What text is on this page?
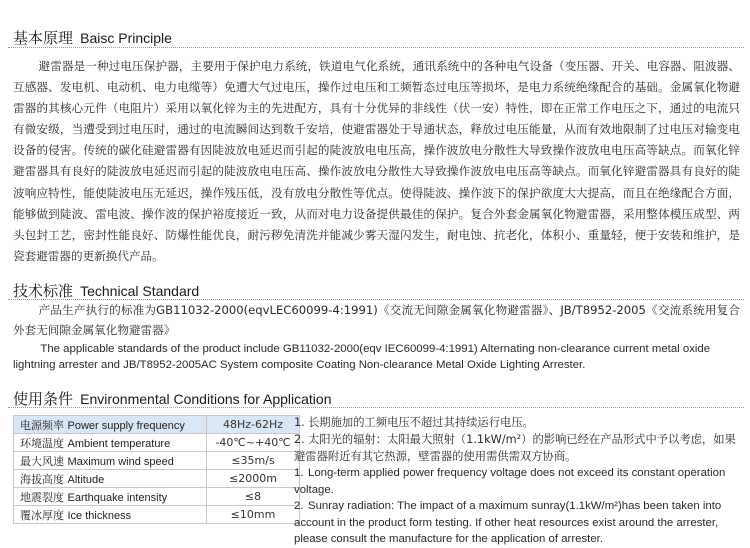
基本原理 Baisc Principle

避雷器是一种过电压保护器，主要用于保护电力系统，铁道电气化系统，通讯系统中的各种电气设备（变压器、开关、电容器、阻波器、互感器、发电机、电动机、电力电缆等）免遭大气过电压，操作过电压和工频暂态过电压等损坏，是电力系统绝缘配合的基础。金属氧化物避雷器的其核心元件（电阻片）采用以氧化锌为主的先进配方，具有十分优异的非线性（伏一安）特性，即在正常工作电压之下，通过的电流只有微安级，当遭受到过电压时，通过的电流瞬间达到数千安培，使避雷器处于导通状态，释放过电压能量，从而有效地限制了过电压对输变电设备的侵害。传统的碳化硅避雷器有因陡波放电延迟而引起的陡波放电电压高，操作波放电分散性大导致操作波放电电压高等缺点。而氧化锌避雷器具有良好的陡波放电延迟而引起的陡波放电电压高、操作波放电分散性大导致操作波放电电压高等缺点。而氧化锌避雷器具有良好的陡波响应特性，能使陡波电压无延迟，操作残压低，没有放电分散性等优点。使得陡波、操作波下的保护欲度大大提高，而且在绝缘配合方面，能够做到陡波、雷电波、操作波的保护裕度接近一致，从而对电力设备提供最佳的保护。复合外套金属氧化物避雷器，采用整体模压成型、两头包封工艺，密封性能良好、防爆性能优良，耐污秽免清洗并能减少雾天湿闪发生，耐电蚀、抗老化，体积小、重量轻，便于安装和维护，是瓷套避雷器的更新换代产品。

技术标准 Technical Standard

产品生产执行的标准为GB11032-2000(eqvLEC60099-4:1991)《交流无间隙金属氧化物避雷器》、JB/T8952-2005《交流系统用复合外套无间隙金属氧化物避雷器》

The applicable standards of the product include GB11032-2000(eqv IEC60099-4:1991) Alternating non-clearance current metal oxide lightning arrester and JB/T8952-2005AC System composite Coating Non-clearance Metal Oxide Lighting Arrester.

使用条件 Environmental Conditions for Application
电源频率 Power supply frequency	48Hz-62Hz
环境温度 Ambient temperature	-40℃~+40℃
最大风速 Maximum wind speed	≤35m/s
海拔高度 Altitude	≤2000m
地震裂度 Earthquake intensity	≤8
覆冰厚度 Ice thickness	≤10mm
1. 长期施加的工频电压不超过其持续运行电压。
2. 太阳光的辐射：太阳最大照射（1.1kW/m²）的影响已经在产品形式中予以考虑，如果避雷器附近有其它热源，壁雷器的使用需供需双方协商。
1. Long-term applied power frequency voltage does not exceed its constant operation voltage.
2. Sunray radiation: The impact of a maximum sunray(1.1kW/m²)has been taken into account in the product form testing. If other heat resources exist around the arrester, please consult the manufacture for the application of arrester.
